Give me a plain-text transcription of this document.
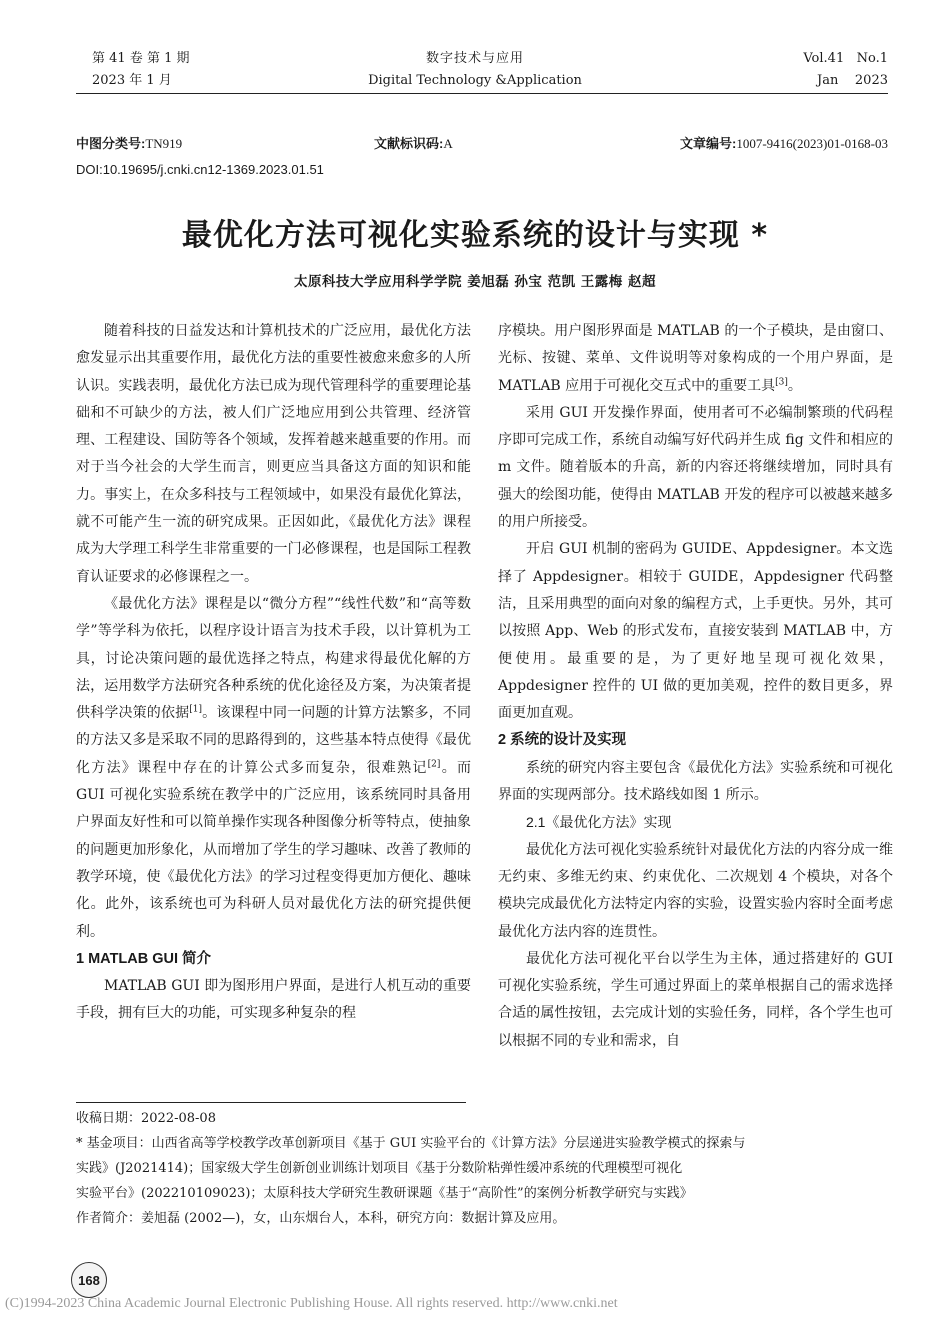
第 41 卷 第 1 期
2023 年 1 月
数字技术与应用
Digital Technology &Application
Vol.41   No.1
Jan    2023
中图分类号:TN919	文献标识码:A	文章编号:1007-9416(2023)01-0168-03
DOI:10.19695/j.cnki.cn12-1369.2023.01.51
最优化方法可视化实验系统的设计与实现 *
太原科技大学应用科学学院 姜旭磊 孙宝 范凯 王露梅 赵超

随着科技的日益发达和计算机技术的广泛应用，最优化方法愈发显示出其重要作用，最优化方法的重要性被愈来愈多的人所认识。实践表明，最优化方法已成为现代管理科学的重要理论基础和不可缺少的方法，被人们广泛地应用到公共管理、经济管理、工程建设、国防等各个领域，发挥着越来越重要的作用。而对于当今社会的大学生而言，则更应当具备这方面的知识和能力。事实上，在众多科技与工程领域中，如果没有最优化算法，就不可能产生一流的研究成果。正因如此，《最优化方法》课程成为大学理工科学生非常重要的一门必修课程，也是国际工程教育认证要求的必修课程之一。

《最优化方法》课程是以“微分方程”“线性代数”和“高等数学”等学科为依托，以程序设计语言为技术手段，以计算机为工具，讨论决策问题的最优选择之特点，构建求得最优化解的方法，运用数学方法研究各种系统的优化途径及方案，为决策者提供科学决策的依据[1]。该课程中同一问题的计算方法繁多，不同的方法又多是采取不同的思路得到的，这些基本特点使得《最优化方法》课程中存在的计算公式多而复杂，很难熟记[2]。而 GUI 可视化实验系统在教学中的广泛应用，该系统同时具备用户界面友好性和可以简单操作实现各种图像分析等特点，使抽象的问题更加形象化，从而增加了学生的学习趣味、改善了教师的教学环境，使《最优化方法》的学习过程变得更加方便化、趣味化。此外，该系统也可为科研人员对最优化方法的研究提供便利。

1 MATLAB GUI 简介

MATLAB GUI 即为图形用户界面，是进行人机互动的重要手段，拥有巨大的功能，可实现多种复杂的程

序模块。用户图形界面是 MATLAB 的一个子模块，是由窗口、光标、按键、菜单、文件说明等对象构成的一个用户界面，是 MATLAB 应用于可视化交互式中的重要工具[3]。

采用 GUI 开发操作界面，使用者可不必编制繁琐的代码程序即可完成工作，系统自动编写好代码并生成 fig 文件和相应的 m 文件。随着版本的升高，新的内容还将继续增加，同时具有强大的绘图功能，使得由 MATLAB 开发的程序可以被越来越多的用户所接受。

开启 GUI 机制的密码为 GUIDE、Appdesigner。本文选择了 Appdesigner。相较于 GUIDE，Appdesigner 代码整洁，且采用典型的面向对象的编程方式，上手更快。另外，其可以按照 App、Web 的形式发布，直接安装到 MATLAB 中，方便使用。最重要的是，为了更好地呈现可视化效果，Appdesigner 控件的 UI 做的更加美观，控件的数目更多，界面更加直观。

2 系统的设计及实现

系统的研究内容主要包含《最优化方法》实验系统和可视化界面的实现两部分。技术路线如图 1 所示。

2.1《最优化方法》实现

最优化方法可视化实验系统针对最优化方法的内容分成一维无约束、多维无约束、约束优化、二次规划 4 个模块，对各个模块完成最优化方法特定内容的实验，设置实验内容时全面考虑最优化方法内容的连贯性。

最优化方法可视化平台以学生为主体，通过搭建好的 GUI 可视化实验系统，学生可通过界面上的菜单根据自己的需求选择合适的属性按钮，去完成计划的实验任务，同样，各个学生也可以根据不同的专业和需求，自

收稿日期：2022-08-08
* 基金项目：山西省高等学校教学改革创新项目《基于 GUI 实验平台的《计算方法》分层递进实验教学模式的探索与
实践》(J2021414)；国家级大学生创新创业训练计划项目《基于分数阶粘弹性缓冲系统的代理模型可视化
实验平台》(202210109023)；太原科技大学研究生教研课题《基于“高阶性”的案例分析教学研究与实践》
作者简介：姜旭磊 (2002—)，女，山东烟台人，本科，研究方向：数据计算及应用。
168
(C)1994-2023 China Academic Journal Electronic Publishing House. All rights reserved. http://www.cnki.net
